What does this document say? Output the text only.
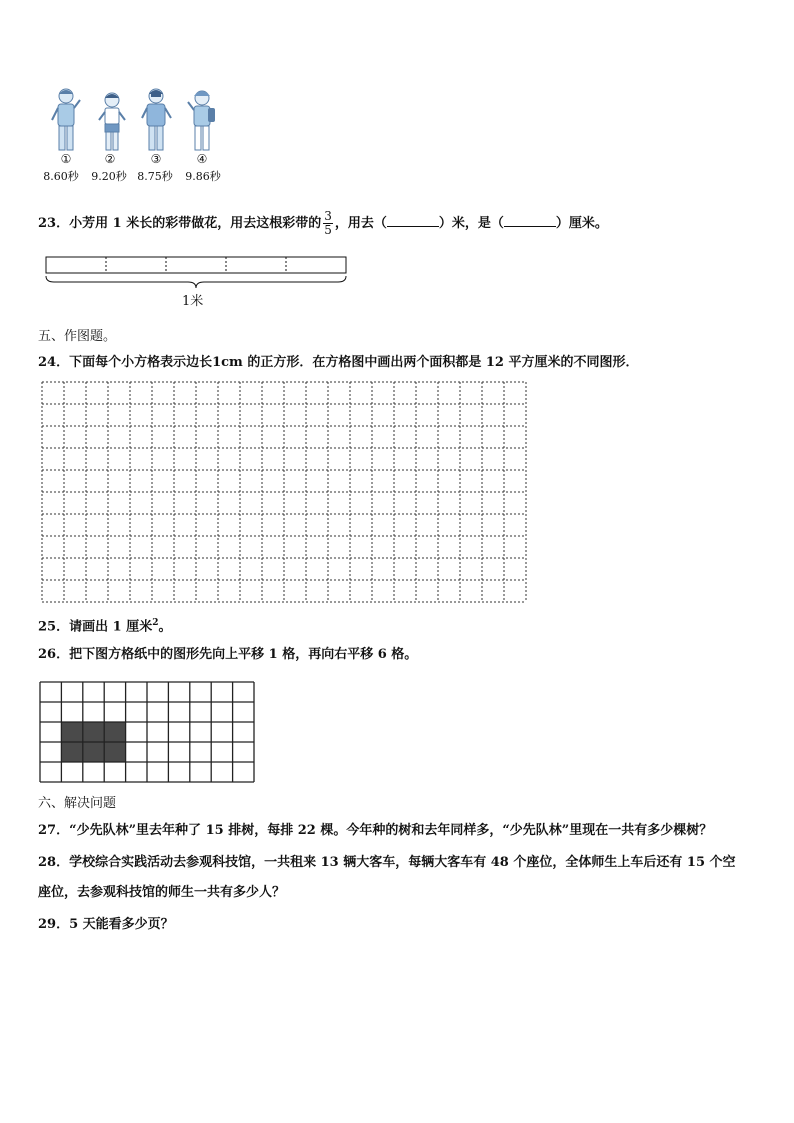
①	②	③	④
8.60秒	9.20秒 8.75秒	9.86秒
23．小芳用 1 米长的彩带做花，用去这根彩带的 $\frac{3}{5}$ ，用去（	）米，是（	）厘米。
1米
五、作图题。
24．下面每个小方格表示边长1cm 的正方形．在方格图中画出两个面积都是 12 平方厘米的不同图形．
25．请画出 1 厘米$^2$。
26．把下图方格纸中的图形先向上平移 1 格，再向右平移 6 格。
六、解决问题
27．“少先队林”里去年种了 15 排树，每排 22 棵。今年种的树和去年同样多，“少先队林”里现在一共有多少棵树？
28．学校综合实践活动去参观科技馆，一共租来 13 辆大客车，每辆大客车有 48 个座位，全体师生上车后还有 15 个空
座位，去参观科技馆的师生一共有多少人？
29．5 天能看多少页？
